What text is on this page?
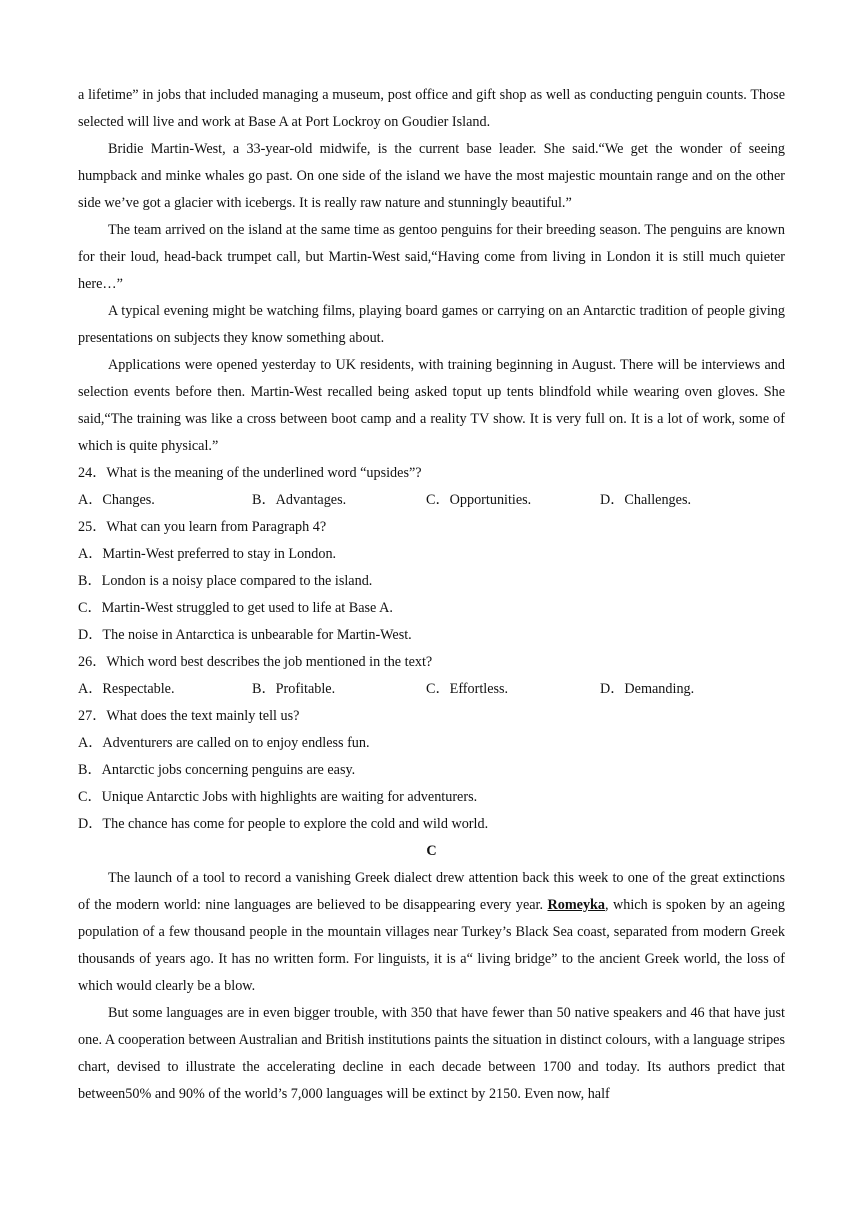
a lifetime” in jobs that included managing a museum, post office and gift shop as well as conducting penguin counts. Those selected will live and work at Base A at Port Lockroy on Goudier Island.

Bridie Martin-West, a 33-year-old midwife, is the current base leader. She said.“We get the wonder of seeing humpback and minke whales go past. On one side of the island we have the most majestic mountain range and on the other side we’ve got a glacier with icebergs. It is really raw nature and stunningly beautiful.”

The team arrived on the island at the same time as gentoo penguins for their breeding season. The penguins are known for their loud, head-back trumpet call, but Martin-West said,“Having come from living in London it is still much quieter here…”

A typical evening might be watching films, playing board games or carrying on an Antarctic tradition of people giving presentations on subjects they know something about.

Applications were opened yesterday to UK residents, with training beginning in August. There will be interviews and selection events before then. Martin-West recalled being asked toput up tents blindfold while wearing oven gloves. She said,“The training was like a cross between boot camp and a reality TV show. It is very full on. It is a lot of work, some of which is quite physical.”

24．What is the meaning of the underlined word “upsides”?

A．Changes.	B．Advantages.	C．Opportunities.	D．Challenges.

25．What can you learn from Paragraph 4?

A．Martin-West preferred to stay in London.

B．London is a noisy place compared to the island.

C．Martin-West struggled to get used to life at Base A.

D．The noise in Antarctica is unbearable for Martin-West.

26．Which word best describes the job mentioned in the text?

A．Respectable.	B．Profitable.	C．Effortless.	D．Demanding.

27．What does the text mainly tell us?

A．Adventurers are called on to enjoy endless fun.

B．Antarctic jobs concerning penguins are easy.

C．Unique Antarctic Jobs with highlights are waiting for adventurers.

D．The chance has come for people to explore the cold and wild world.

C

The launch of a tool to record a vanishing Greek dialect drew attention back this week to one of the great extinctions of the modern world: nine languages are believed to be disappearing every year. Romeyka, which is spoken by an ageing population of a few thousand people in the mountain villages near Turkey’s Black Sea coast, separated from modern Greek thousands of years ago. It has no written form. For linguists, it is a“ living bridge” to the ancient Greek world, the loss of which would clearly be a blow.

But some languages are in even bigger trouble, with 350 that have fewer than 50 native speakers and 46 that have just one. A cooperation between Australian and British institutions paints the situation in distinct colours, with a language stripes chart, devised to illustrate the accelerating decline in each decade between 1700 and today. Its authors predict that between50% and 90% of the world’s 7,000 languages will be extinct by 2150. Even now, half
